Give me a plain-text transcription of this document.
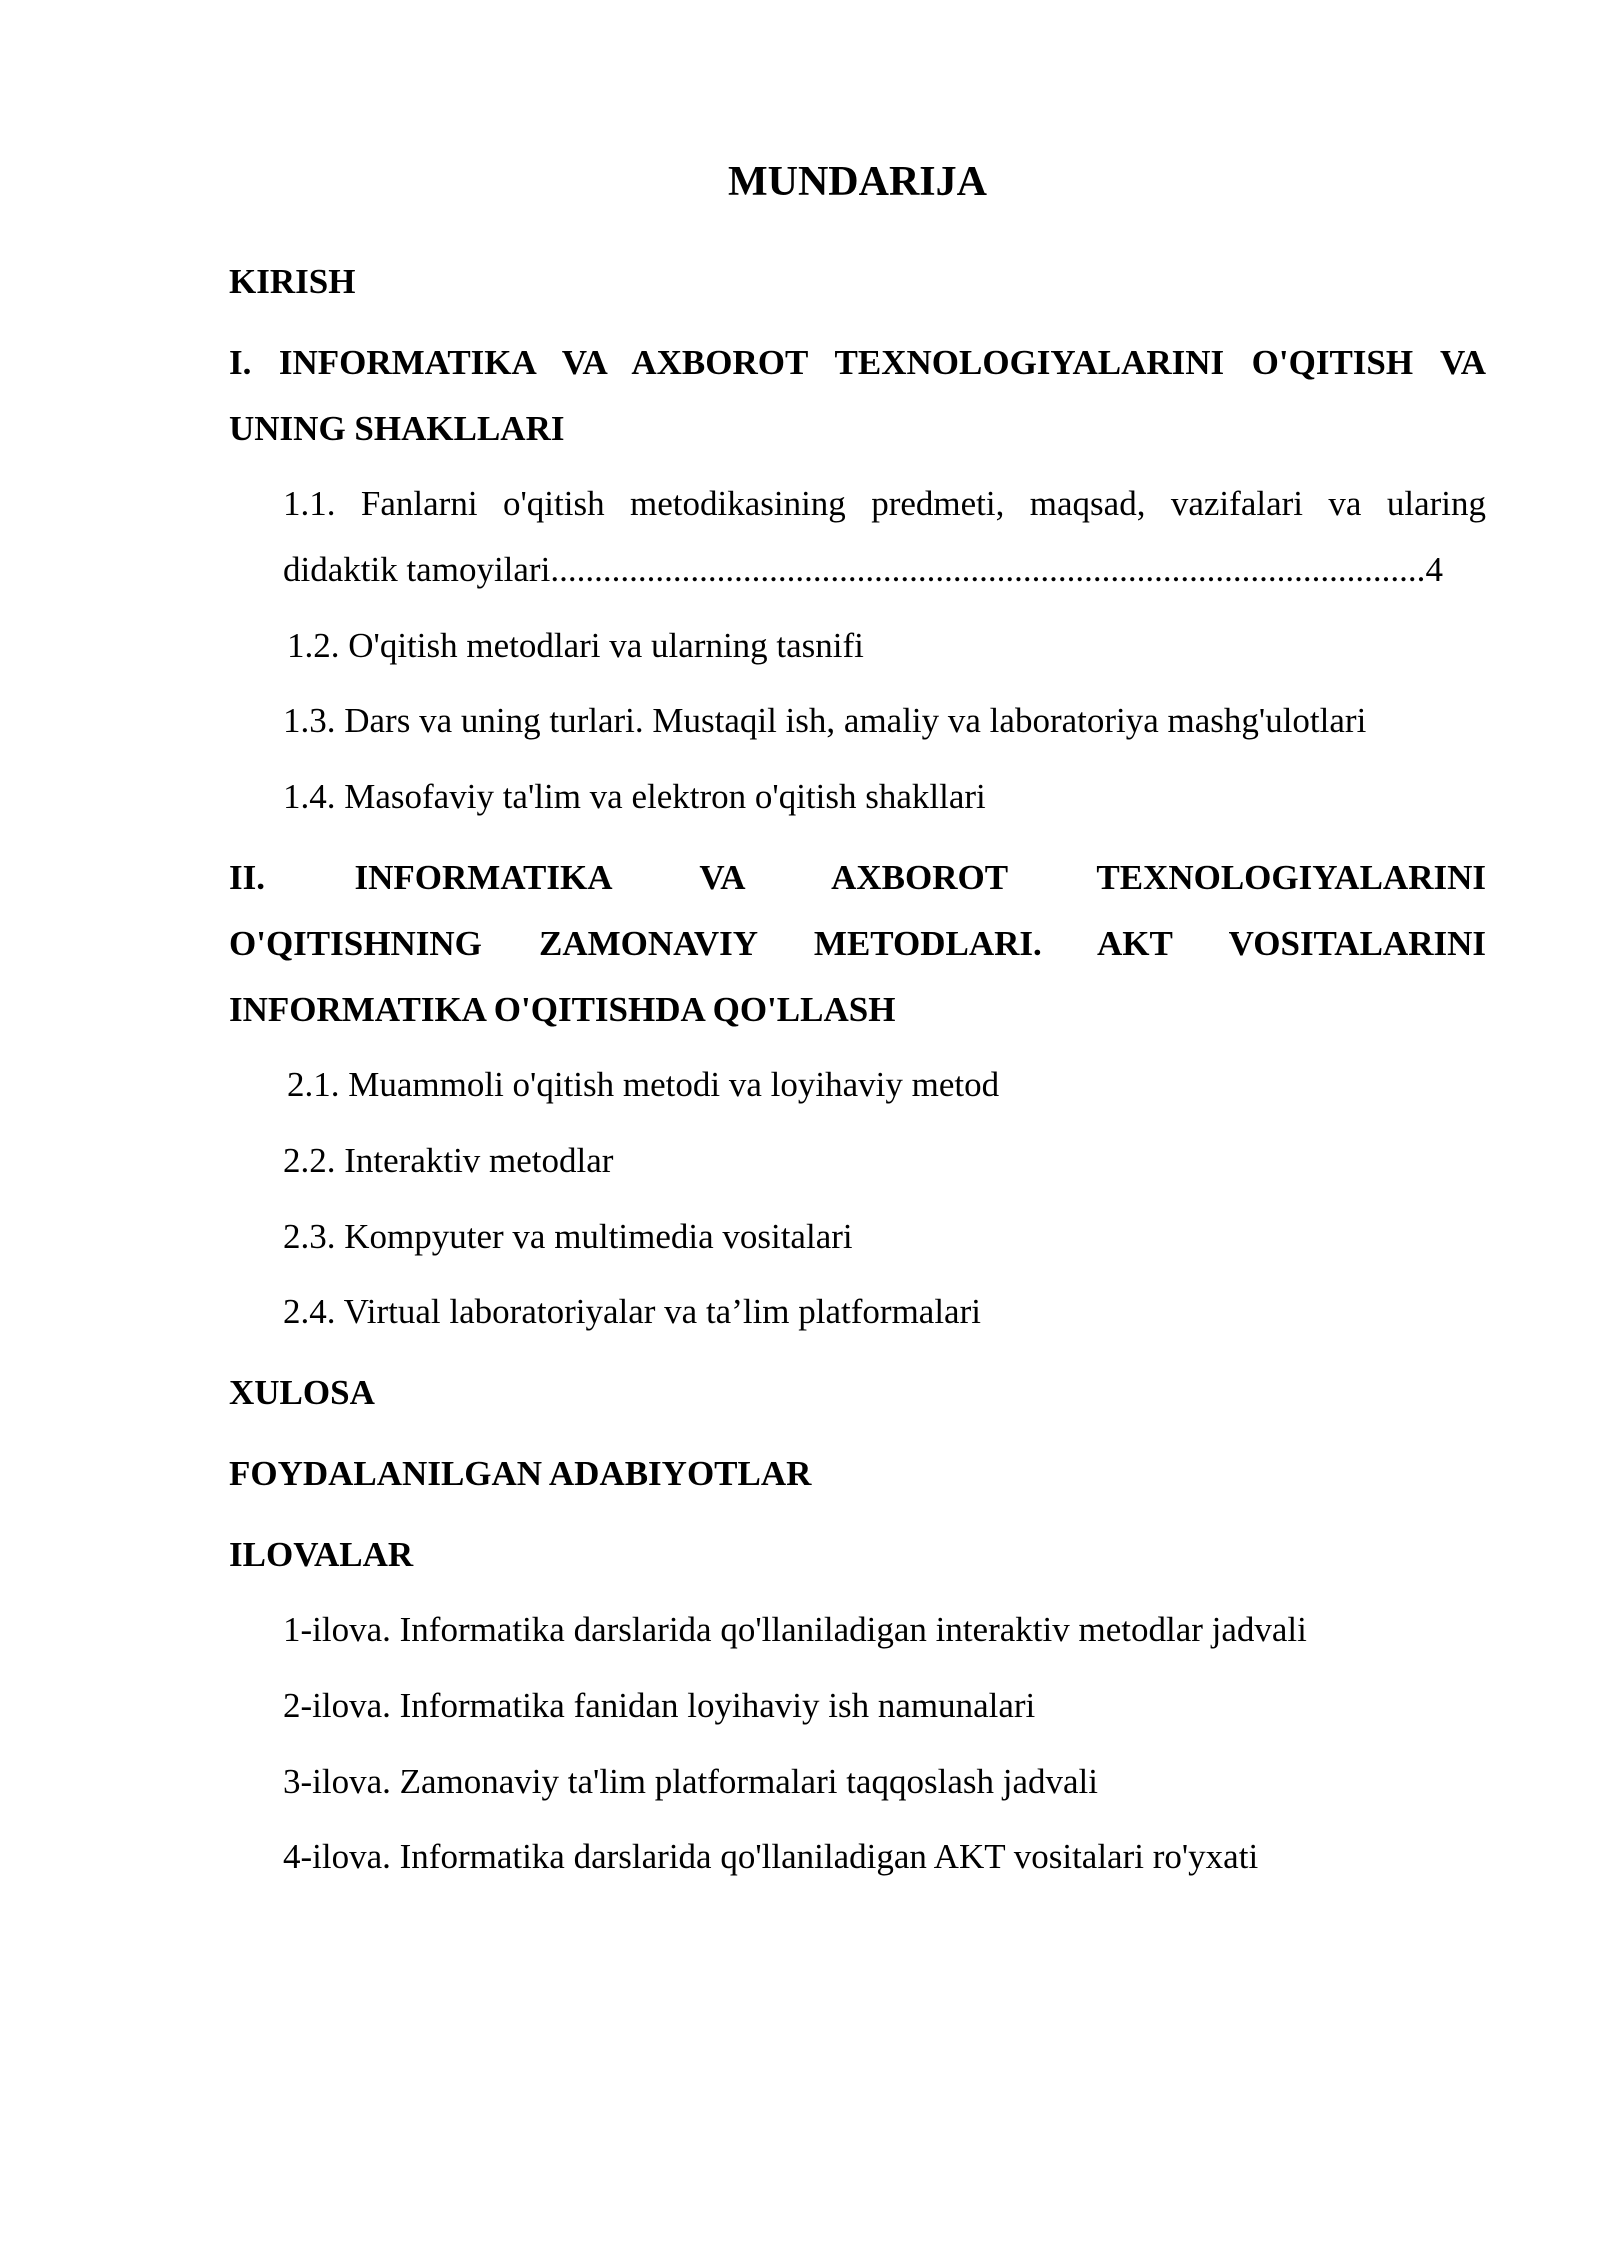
MUNDARIJA

KIRISH

I. INFORMATIKA VA AXBOROT TEXNOLOGIYALARINI O'QITISH VA

UNING SHAKLLARI

1.1. Fanlarni o'qitish metodikasining predmeti, maqsad, vazifalari va ularing
didaktik tamoyilari
.....	4

1.2. O'qitish metodlari va ularning tasnifi

1.3. Dars va uning turlari. Mustaqil ish, amaliy va laboratoriya mashg'ulotlari

1.4. Masofaviy ta'lim va elektron o'qitish shakllari

II. INFORMATIKA VA AXBOROT TEXNOLOGIYALARINI

O'QITISHNING ZAMONAVIY METODLARI. AKT VOSITALARINI

INFORMATIKA O'QITISHDA QO'LLASH

2.1. Muammoli o'qitish metodi va loyihaviy metod

2.2. Interaktiv metodlar

2.3. Kompyuter va multimedia vositalari

2.4. Virtual laboratoriyalar va ta’lim platformalari

XULOSA

FOYDALANILGAN ADABIYOTLAR

ILOVALAR

1-ilova. Informatika darslarida qo'llaniladigan interaktiv metodlar jadvali

2-ilova. Informatika fanidan loyihaviy ish namunalari

3-ilova. Zamonaviy ta'lim platformalari taqqoslash jadvali

4-ilova. Informatika darslarida qo'llaniladigan AKT vositalari ro'yxati
